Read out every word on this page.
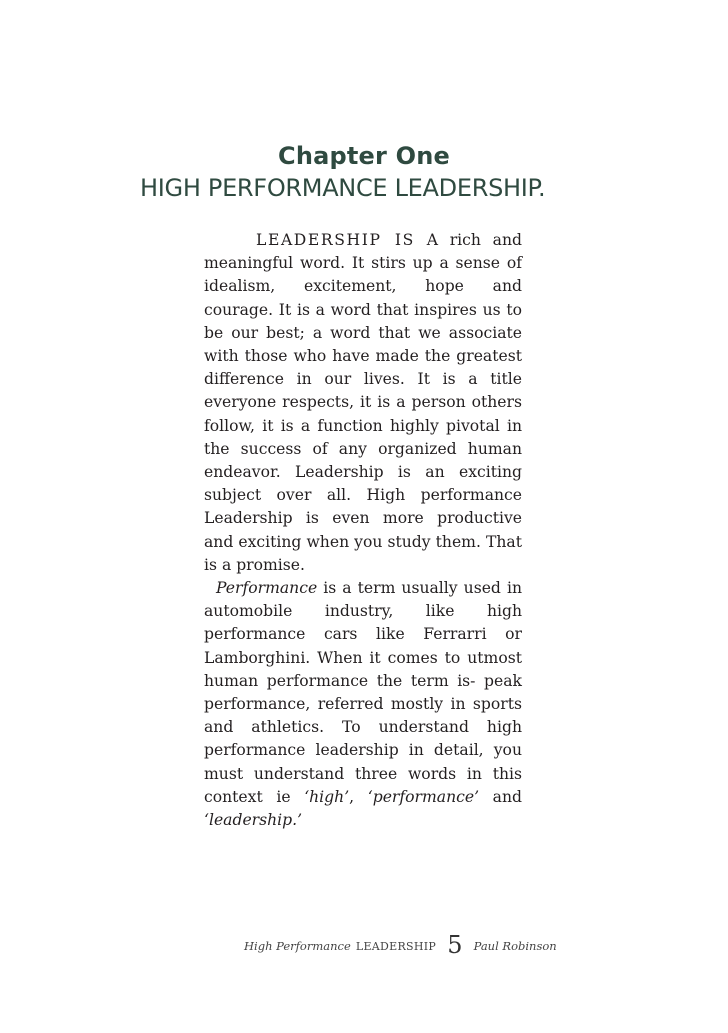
Chapter One
HIGH PERFORMANCE LEADERSHIP.

LEADERSHIP IS A rich and meaningful word. It stirs up a sense of idealism, excitement, hope and courage. It is a word that inspires us to be our best; a word that we associate with those who have made the greatest difference in our lives. It is a title everyone respects, it is a person others follow, it is a function highly pivotal in the success of any organized human endeavor. Leadership is an exciting subject over all. High performance Leadership is even more productive and exciting when you study them. That is a promise.

Performance is a term usually used in automobile industry, like high performance cars like Ferrarri or Lamborghini. When it comes to utmost human performance the term is- peak performance, referred mostly in sports and athletics. To understand high performance leadership in detail, you must understand three words in this context ie ‘high’, ‘performance’ and ‘leadership.’

High Performance LEADERSHIP 5 Paul Robinson
